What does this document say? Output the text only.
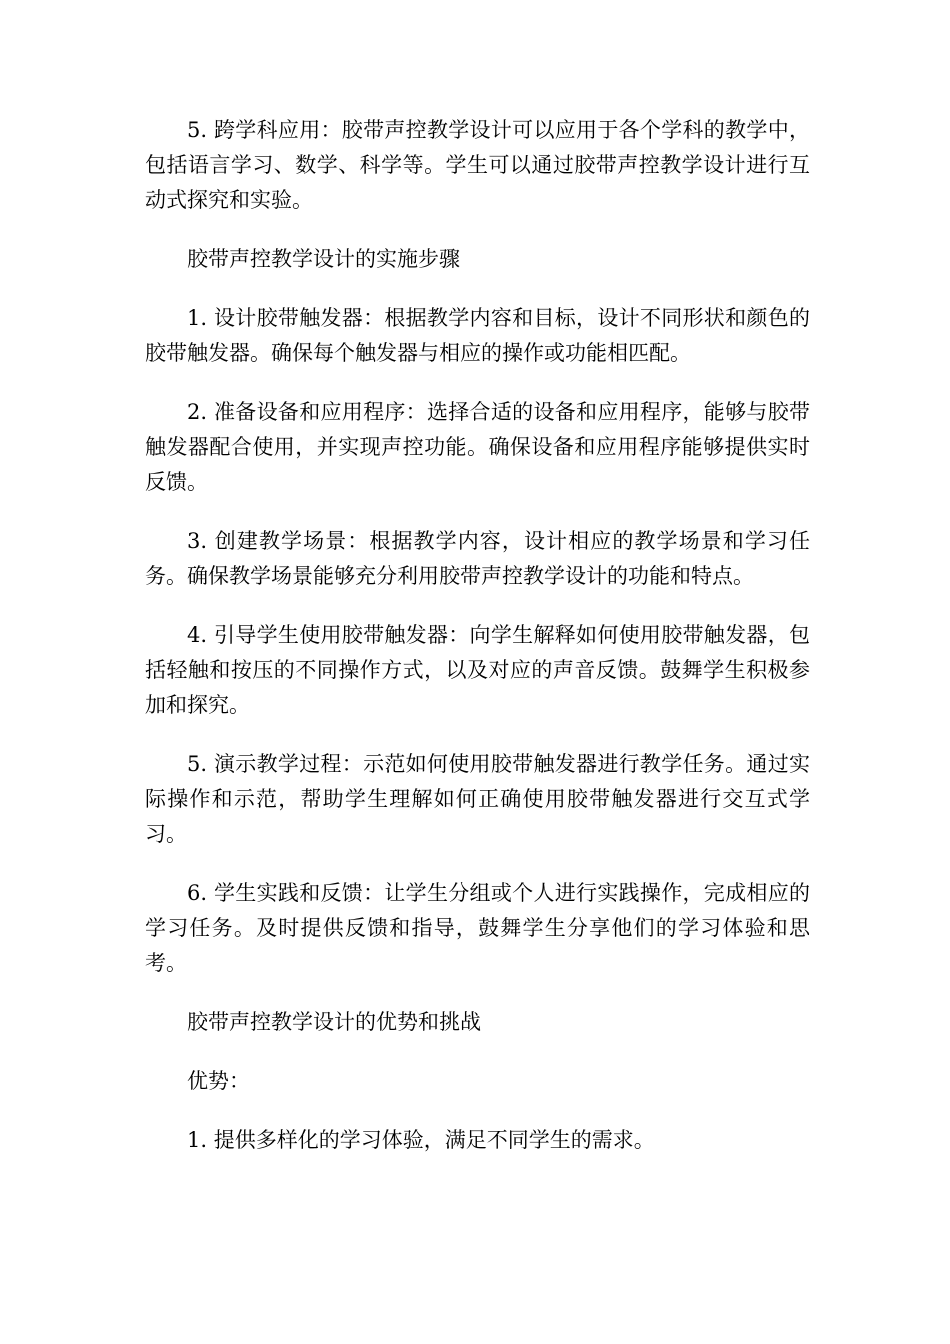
5. 跨学科应用：胶带声控教学设计可以应用于各个学科的教学中，包括语言学习、数学、科学等。学生可以通过胶带声控教学设计进行互动式探究和实验。

胶带声控教学设计的实施步骤

1. 设计胶带触发器：根据教学内容和目标，设计不同形状和颜色的胶带触发器。确保每个触发器与相应的操作或功能相匹配。

2. 准备设备和应用程序：选择合适的设备和应用程序，能够与胶带触发器配合使用，并实现声控功能。确保设备和应用程序能够提供实时反馈。

3. 创建教学场景：根据教学内容，设计相应的教学场景和学习任务。确保教学场景能够充分利用胶带声控教学设计的功能和特点。

4. 引导学生使用胶带触发器：向学生解释如何使用胶带触发器，包括轻触和按压的不同操作方式，以及对应的声音反馈。鼓舞学生积极参加和探究。

5. 演示教学过程：示范如何使用胶带触发器进行教学任务。通过实际操作和示范，帮助学生理解如何正确使用胶带触发器进行交互式学习。

6. 学生实践和反馈：让学生分组或个人进行实践操作，完成相应的学习任务。及时提供反馈和指导，鼓舞学生分享他们的学习体验和思考。

胶带声控教学设计的优势和挑战

优势：

1. 提供多样化的学习体验，满足不同学生的需求。
